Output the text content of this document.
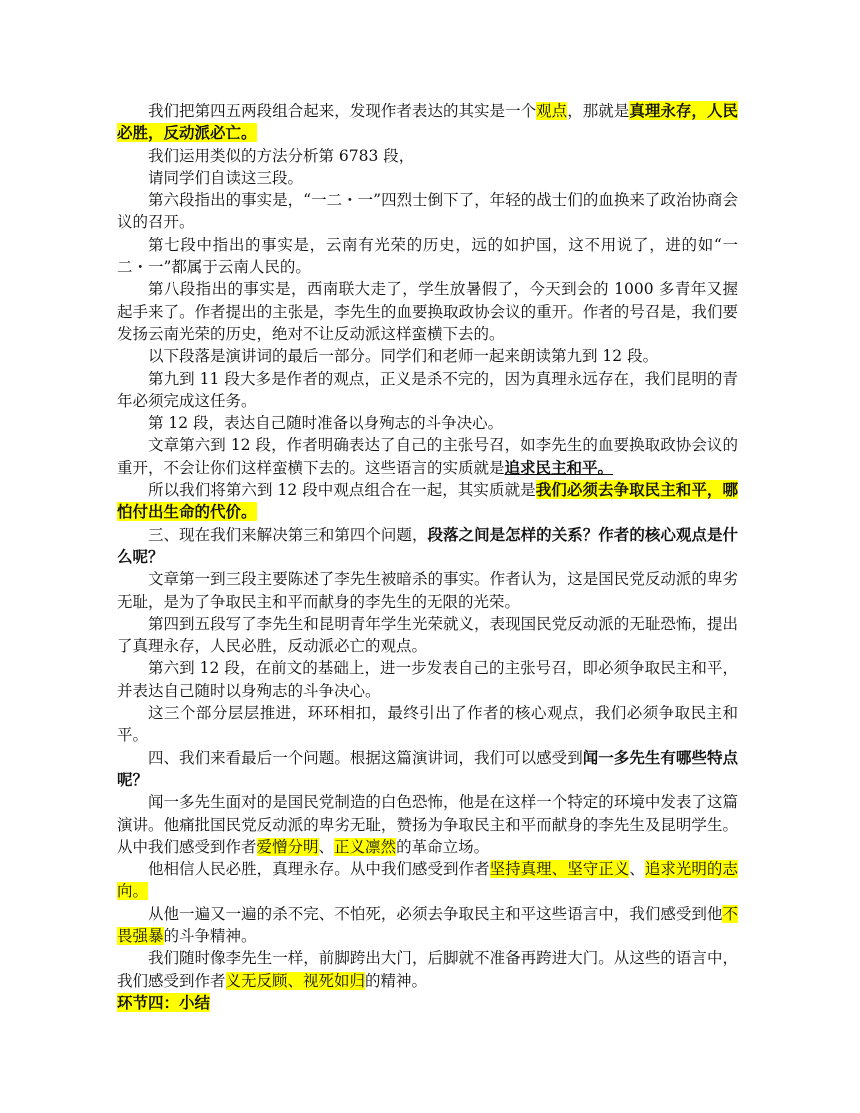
我们把第四五两段组合起来，发现作者表达的其实是一个观点，那就是真理永存，人民必胜，反动派必亡。

我们运用类似的方法分析第 6783 段，

请同学们自读这三段。

第六段指出的事实是，“一二・一”四烈士倒下了，年轻的战士们的血换来了政治协商会议的召开。

第七段中指出的事实是，云南有光荣的历史，远的如护国，这不用说了，进的如“一二・一”都属于云南人民的。

第八段指出的事实是，西南联大走了，学生放暑假了，今天到会的 1000 多青年又握起手来了。作者提出的主张是，李先生的血要换取政协会议的重开。作者的号召是，我们要发扬云南光荣的历史，绝对不让反动派这样蛮横下去的。

以下段落是演讲词的最后一部分。同学们和老师一起来朗读第九到 12 段。

第九到 11 段大多是作者的观点，正义是杀不完的，因为真理永远存在，我们昆明的青年必须完成这任务。

第 12 段，表达自己随时准备以身殉志的斗争决心。

文章第六到 12 段，作者明确表达了自己的主张号召，如李先生的血要换取政协会议的重开，不会让你们这样蛮横下去的。这些语言的实质就是追求民主和平。

所以我们将第六到 12 段中观点组合在一起，其实质就是我们必须去争取民主和平，哪怕付出生命的代价。

三、现在我们来解决第三和第四个问题，段落之间是怎样的关系？作者的核心观点是什么呢？

文章第一到三段主要陈述了李先生被暗杀的事实。作者认为，这是国民党反动派的卑劣无耻，是为了争取民主和平而献身的李先生的无限的光荣。

第四到五段写了李先生和昆明青年学生光荣就义，表现国民党反动派的无耻恐怖，提出了真理永存，人民必胜，反动派必亡的观点。

第六到 12 段，在前文的基础上，进一步发表自己的主张号召，即必须争取民主和平，并表达自己随时以身殉志的斗争决心。

这三个部分层层推进，环环相扣，最终引出了作者的核心观点，我们必须争取民主和平。

四、我们来看最后一个问题。根据这篇演讲词，我们可以感受到闻一多先生有哪些特点呢？

闻一多先生面对的是国民党制造的白色恐怖，他是在这样一个特定的环境中发表了这篇演讲。他痛批国民党反动派的卑劣无耻，赞扬为争取民主和平而献身的李先生及昆明学生。从中我们感受到作者爱憎分明、正义凛然的革命立场。

他相信人民必胜，真理永存。从中我们感受到作者坚持真理、坚守正义、追求光明的志向。

从他一遍又一遍的杀不完、不怕死，必须去争取民主和平这些语言中，我们感受到他不畏强暴的斗争精神。

我们随时像李先生一样，前脚跨出大门，后脚就不准备再跨进大门。从这些的语言中，我们感受到作者义无反顾、视死如归的精神。

环节四：小结
